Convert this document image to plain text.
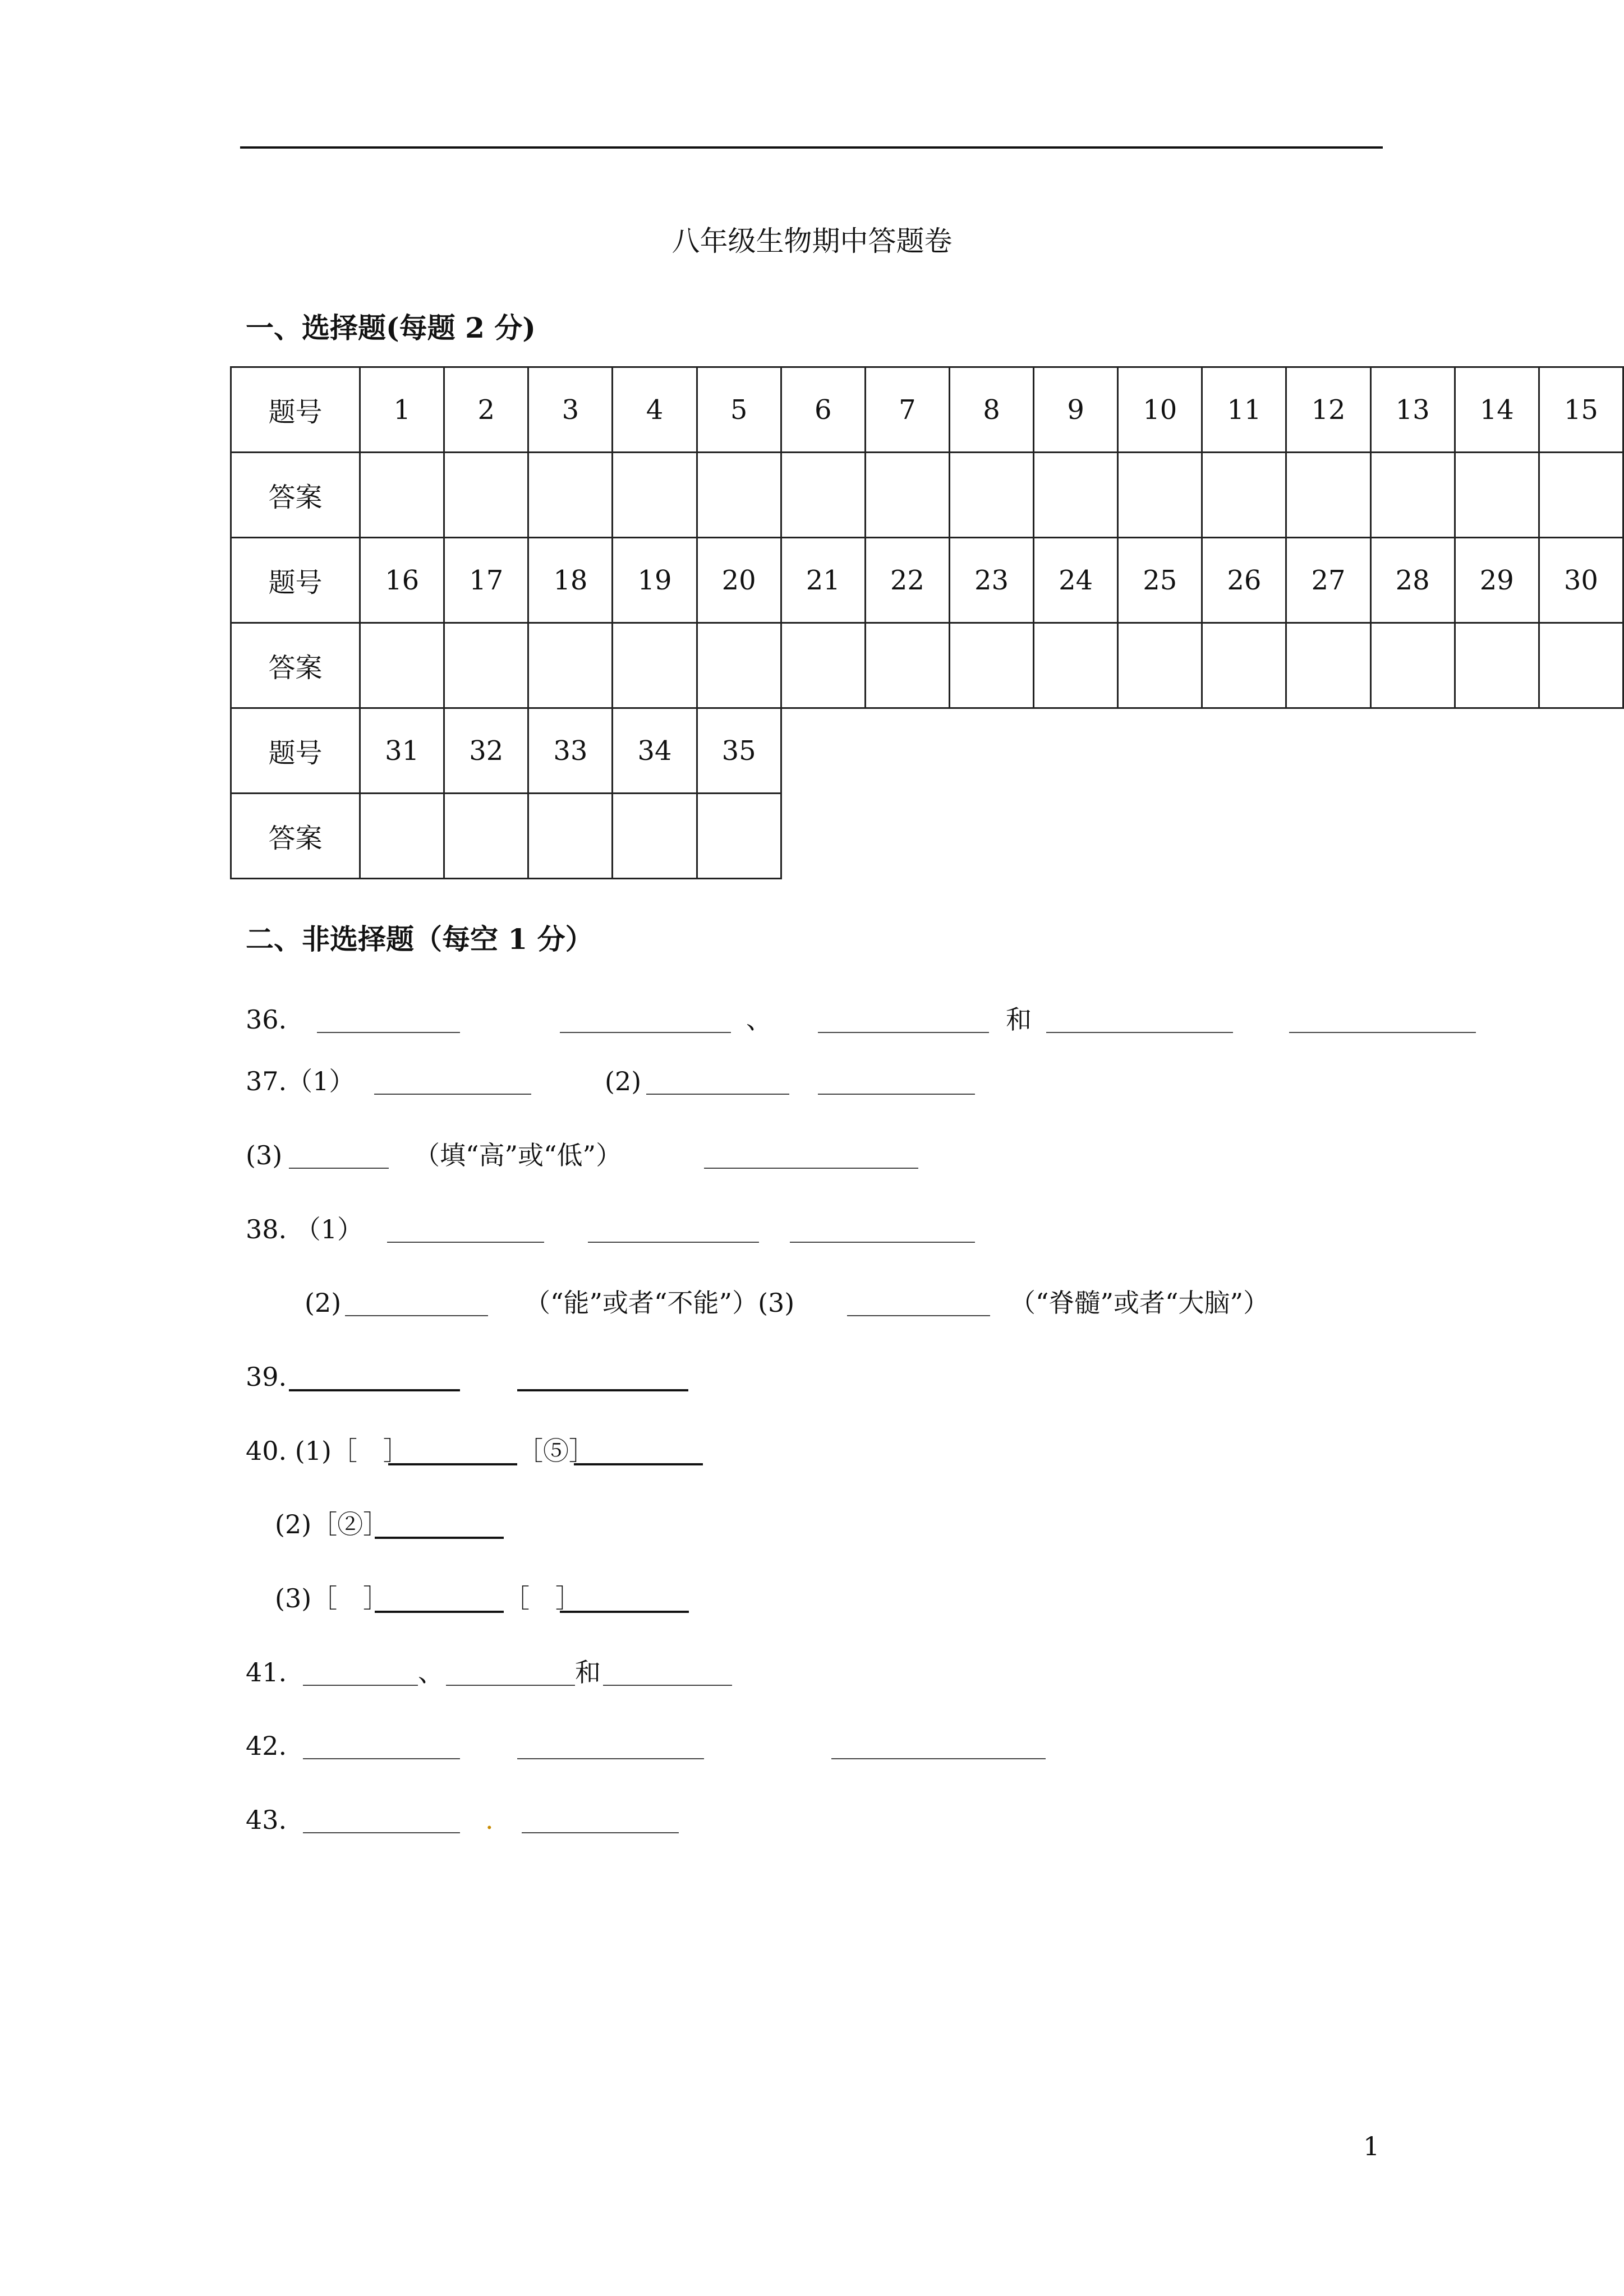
八年级生物期中答题卷
一、选择题(每题 2 分)
题号	1	2	3	4	5	6	7	8	9	10	11	12	13	14	15
答案															
题号	16	17	18	19	20	21	22	23	24	25	26	27	28	29	30
答案															
题号	31	32	33	34	35										
答案															
二、非选择题（每空 1 分）
36.	、	和
37.（1）	(2)
(3)	（填“高”或“低”）
38. （1）
(2)	（“能”或者“不能”）(3)	（“脊髓”或者“大脑”）
39.
40. (1)［　］	［⑤］
(2)［②］
(3)［　］	［　］
41.	、	和
42.
43.	.
1
